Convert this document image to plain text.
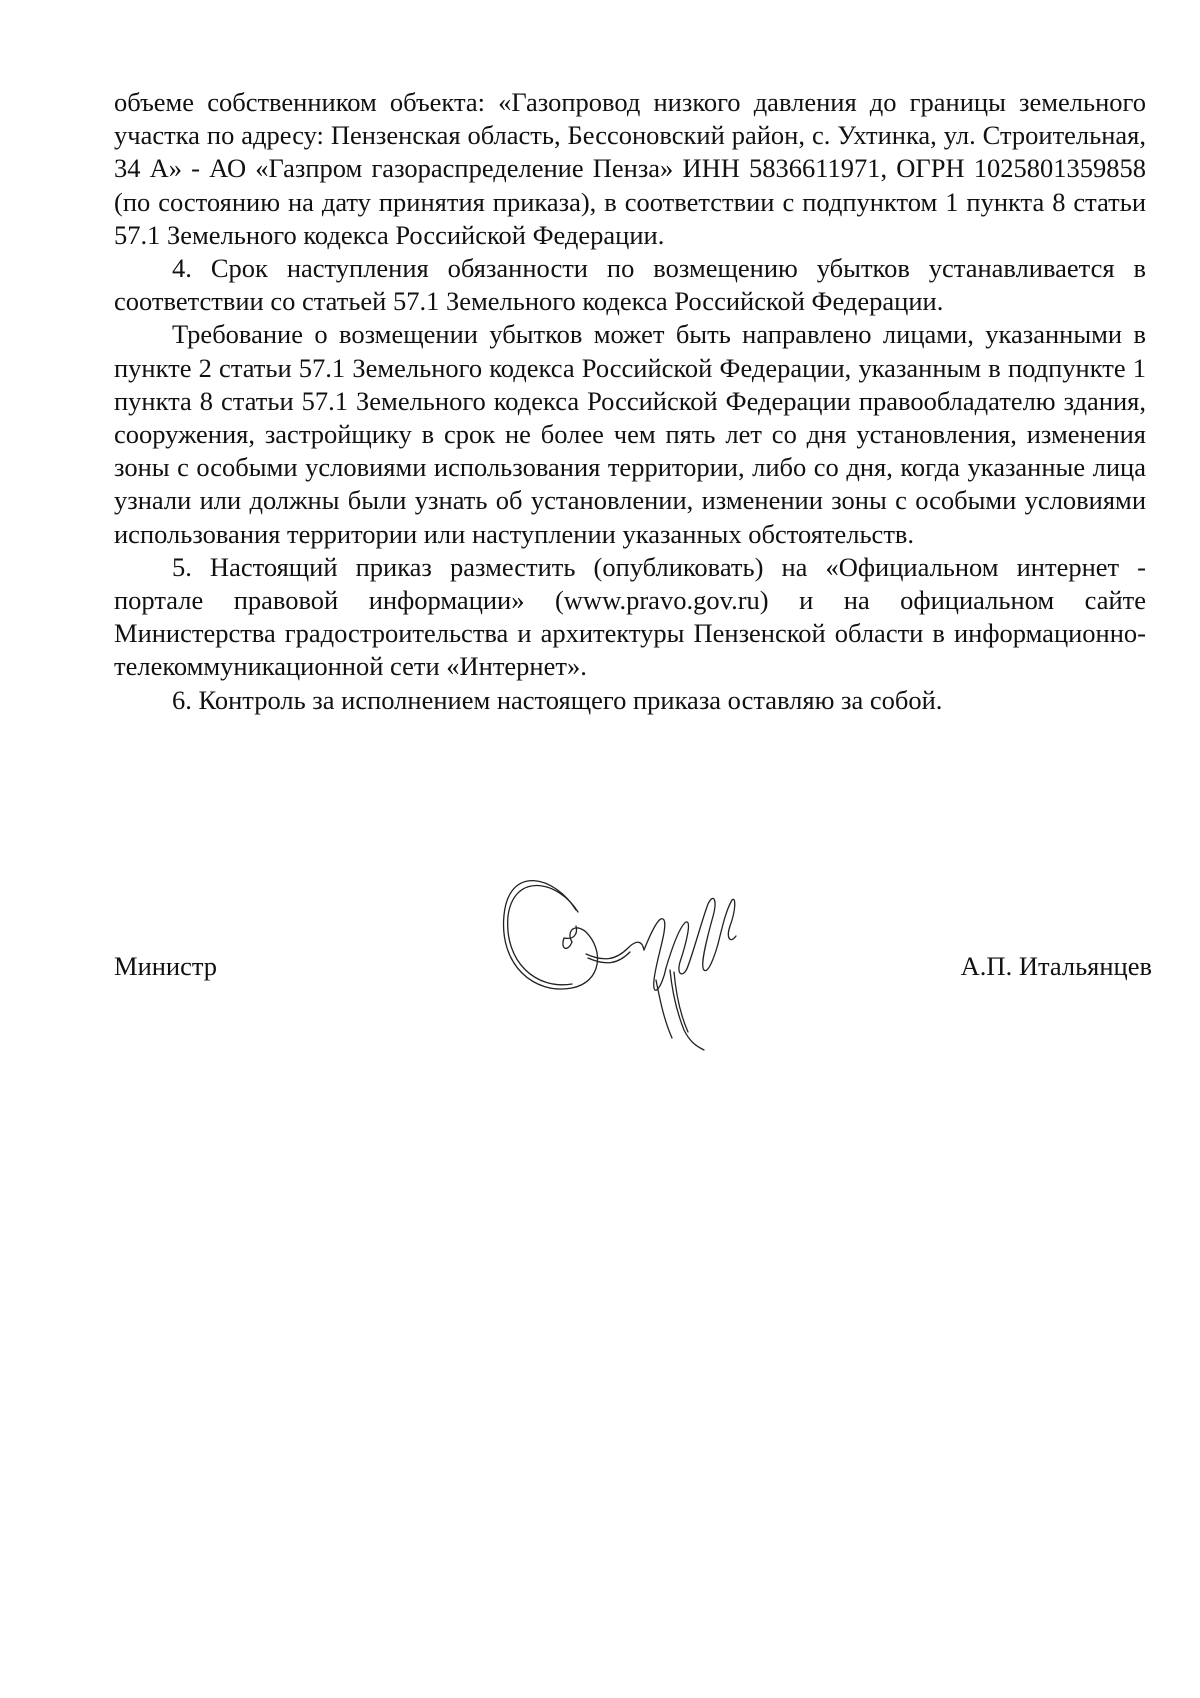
объеме собственником объекта: «Газопровод низкого давления до границы земельного участка по адресу: Пензенская область, Бессоновский район, с. Ухтинка, ул. Строительная, 34 А» - АО «Газпром газораспределение Пенза» ИНН 5836611971, ОГРН 1025801359858 (по состоянию на дату принятия приказа), в соответствии с подпунктом 1 пункта 8 статьи 57.1 Земельного кодекса Российской Федерации.

4. Срок наступления обязанности по возмещению убытков устанавливается в соответствии со статьей 57.1 Земельного кодекса Российской Федерации.

Требование о возмещении убытков может быть направлено лицами, указанными в пункте 2 статьи 57.1 Земельного кодекса Российской Федерации, указанным в подпункте 1 пункта 8 статьи 57.1 Земельного кодекса Российской Федерации правообладателю здания, сооружения, застройщику в срок не более чем пять лет со дня установления, изменения зоны с особыми условиями использования территории, либо со дня, когда указанные лица узнали или должны были узнать об установлении, изменении зоны с особыми условиями использования территории или наступлении указанных обстоятельств.

5. Настоящий приказ разместить (опубликовать) на «Официальном интернет - портале правовой информации» (www.pravo.gov.ru) и на официальном сайте Министерства градостроительства и архитектуры Пензенской области в информационно-телекоммуникационной сети «Интернет».

6. Контроль за исполнением настоящего приказа оставляю за собой.

Министр	А.П. Итальянцев
